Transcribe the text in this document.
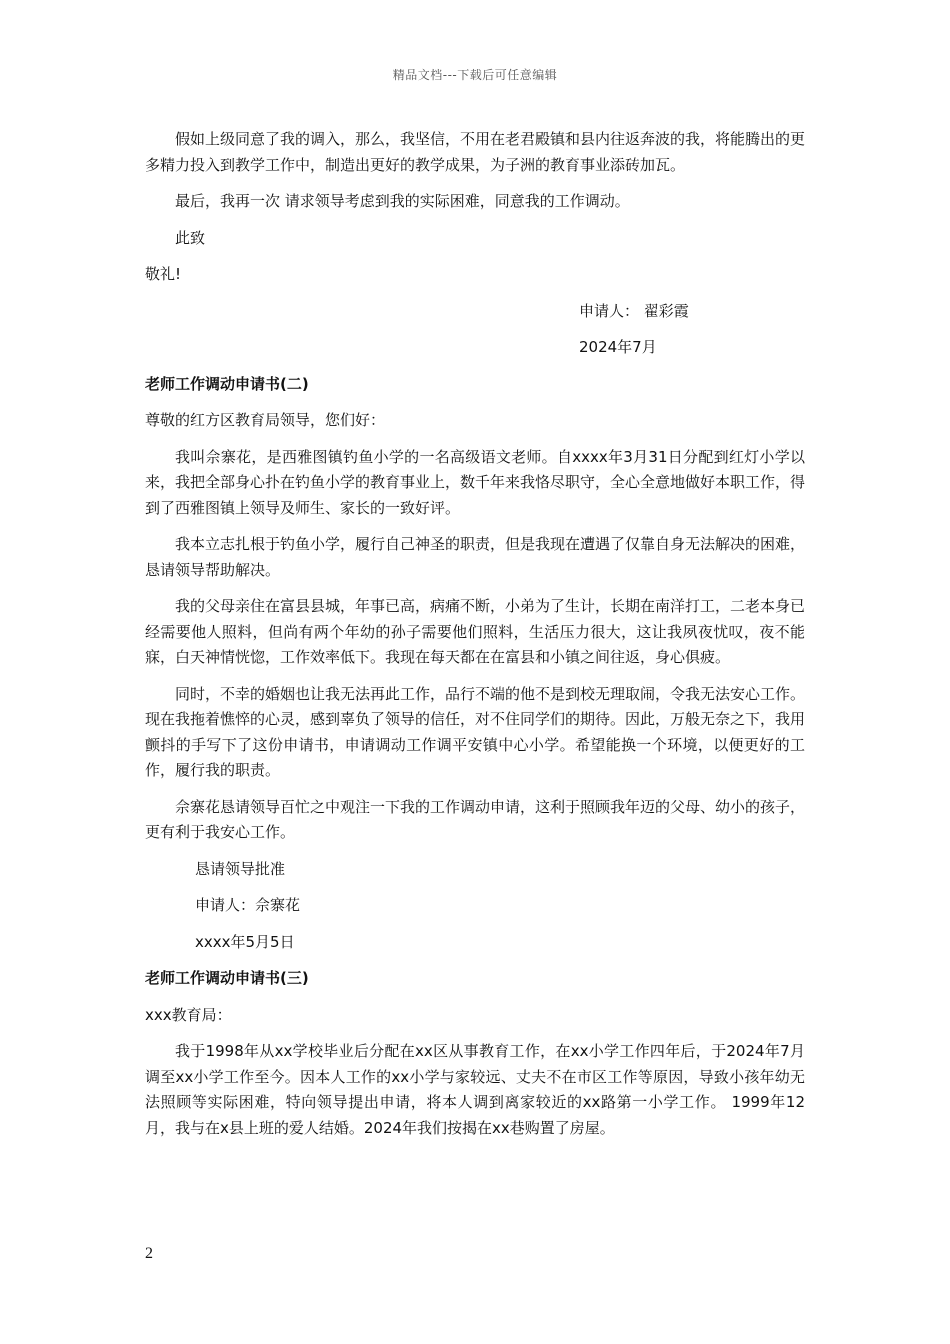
精品文档---下载后可任意编辑

假如上级同意了我的调入，那么，我坚信，不用在老君殿镇和县内往返奔波的我，将能腾出的更多精力投入到教学工作中，制造出更好的教学成果，为子洲的教育事业添砖加瓦。

最后，我再一次 请求领导考虑到我的实际困难，同意我的工作调动。

此致

敬礼!

申请人： 翟彩霞

2024年7月

老师工作调动申请书(二)

尊敬的红方区教育局领导，您们好：

我叫佘寨花，是西雅图镇钓鱼小学的一名高级语文老师。自xxxx年3月31日分配到红灯小学以来，我把全部身心扑在钓鱼小学的教育事业上，数千年来我恪尽职守，全心全意地做好本职工作，得到了西雅图镇上领导及师生、家长的一致好评。

我本立志扎根于钓鱼小学，履行自己神圣的职责，但是我现在遭遇了仅靠自身无法解决的困难，恳请领导帮助解决。

我的父母亲住在富县县城，年事已高，病痛不断，小弟为了生计，长期在南洋打工，二老本身已经需要他人照料，但尚有两个年幼的孙子需要他们照料，生活压力很大，这让我夙夜忧叹，夜不能寐，白天神情恍惚，工作效率低下。我现在每天都在在富县和小镇之间往返，身心俱疲。

同时，不幸的婚姻也让我无法再此工作，品行不端的他不是到校无理取闹，令我无法安心工作。现在我拖着憔悴的心灵，感到辜负了领导的信任，对不住同学们的期待。因此，万般无奈之下，我用颤抖的手写下了这份申请书，申请调动工作调平安镇中心小学。希望能换一个环境，以便更好的工作，履行我的职责。

佘寨花恳请领导百忙之中观注一下我的工作调动申请，这利于照顾我年迈的父母、幼小的孩子，更有利于我安心工作。

恳请领导批准

申请人：佘寨花

xxxx年5月5日

老师工作调动申请书(三)

xxx教育局：

我于1998年从xx学校毕业后分配在xx区从事教育工作，在xx小学工作四年后，于2024年7月调至xx小学工作至今。因本人工作的xx小学与家较远、丈夫不在市区工作等原因，导致小孩年幼无法照顾等实际困难，特向领导提出申请，将本人调到离家较近的xx路第一小学工作。 1999年12月，我与在x县上班的爱人结婚。2024年我们按揭在xx巷购置了房屋。

2
